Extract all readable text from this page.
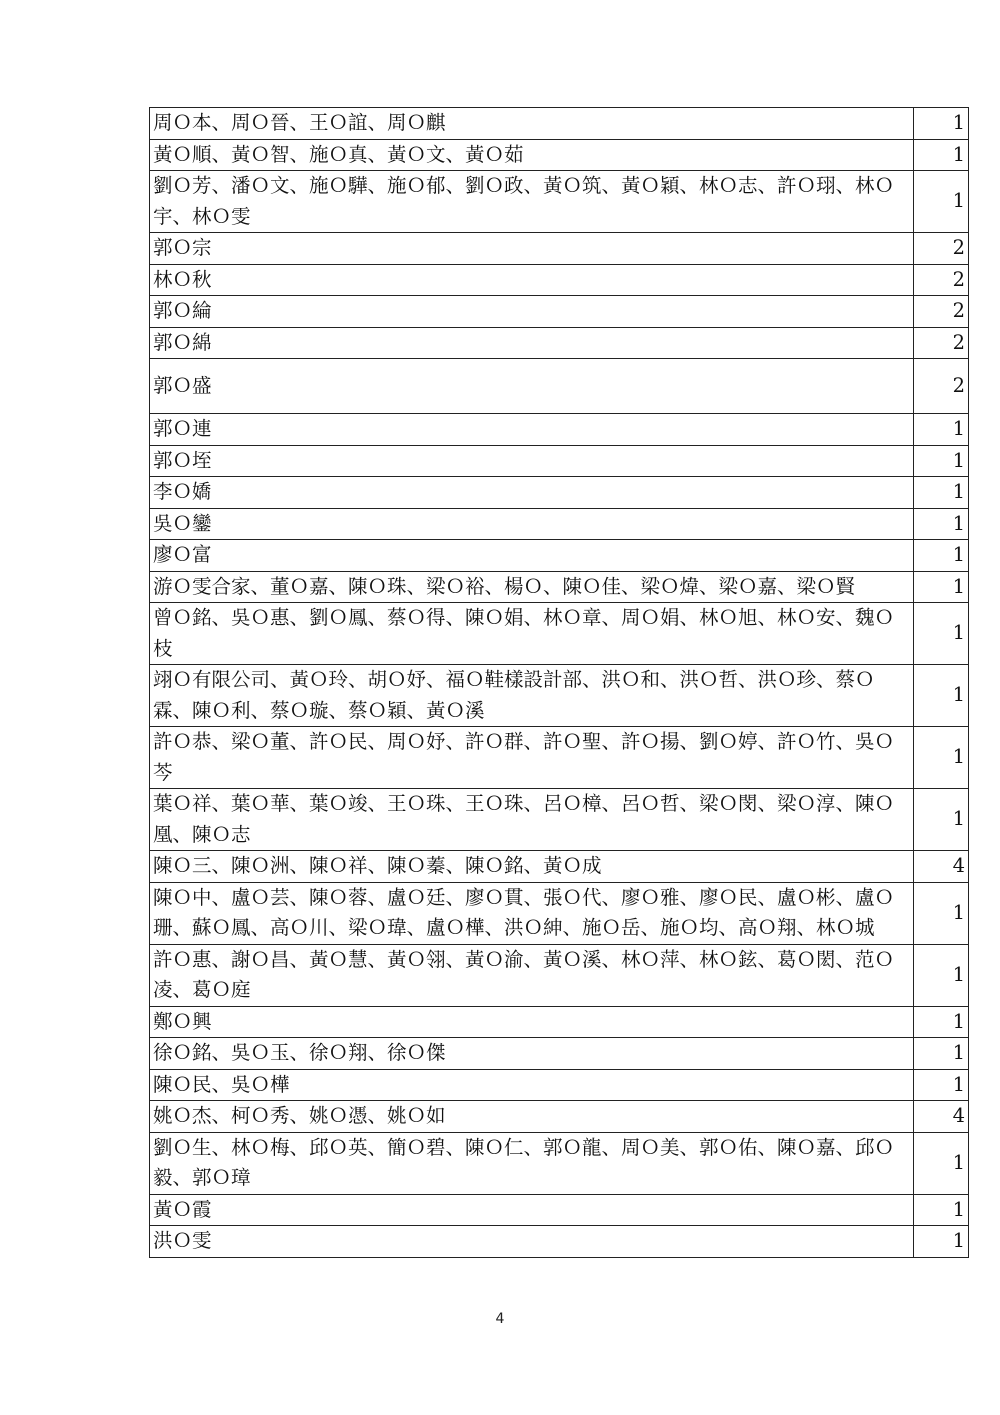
周Ｏ本、周Ｏ晉、王Ｏ誼、周Ｏ麒	1
黃Ｏ順、黃Ｏ智、施Ｏ真、黃Ｏ文、黃Ｏ茹	1
劉Ｏ芳、潘Ｏ文、施Ｏ驊、施Ｏ郁、劉Ｏ政、黃Ｏ筑、黃Ｏ穎、林Ｏ志、許Ｏ珝、林Ｏ宇、林Ｏ雯	1
郭Ｏ宗	2
林Ｏ秋	2
郭Ｏ綸	2
郭Ｏ綿	2
郭Ｏ盛	2
郭Ｏ連	1
郭Ｏ垤	1
李Ｏ嬌	1
吳Ｏ鑾	1
廖Ｏ富	1
游Ｏ雯合家、董Ｏ嘉、陳Ｏ珠、梁Ｏ裕、楊Ｏ、陳Ｏ佳、梁Ｏ煒、梁Ｏ嘉、梁Ｏ賢	1
曾Ｏ銘、吳Ｏ惠、劉Ｏ鳳、蔡Ｏ得、陳Ｏ娟、林Ｏ章、周Ｏ娟、林Ｏ旭、林Ｏ安、魏Ｏ枝	1
翊Ｏ有限公司、黃Ｏ玲、胡Ｏ妤、福Ｏ鞋樣設計部、洪Ｏ和、洪Ｏ哲、洪Ｏ珍、蔡Ｏ霖、陳Ｏ利、蔡Ｏ璇、蔡Ｏ穎、黃Ｏ溪	1
許Ｏ恭、梁Ｏ董、許Ｏ民、周Ｏ妤、許Ｏ群、許Ｏ聖、許Ｏ揚、劉Ｏ婷、許Ｏ竹、吳Ｏ芩	1
葉Ｏ祥、葉Ｏ華、葉Ｏ竣、王Ｏ珠、王Ｏ珠、呂Ｏ樟、呂Ｏ哲、梁Ｏ閔、梁Ｏ淳、陳Ｏ凰、陳Ｏ志	1
陳Ｏ三、陳Ｏ洲、陳Ｏ祥、陳Ｏ蓁、陳Ｏ銘、黃Ｏ成	4
陳Ｏ中、盧Ｏ芸、陳Ｏ蓉、盧Ｏ廷、廖Ｏ貫、張Ｏ代、廖Ｏ雅、廖Ｏ民、盧Ｏ彬、盧Ｏ珊、蘇Ｏ鳳、高Ｏ川、梁Ｏ瑋、盧Ｏ樺、洪Ｏ紳、施Ｏ岳、施Ｏ均、高Ｏ翔、林Ｏ城	1
許Ｏ惠、謝Ｏ昌、黃Ｏ慧、黃Ｏ翎、黃Ｏ渝、黃Ｏ溪、林Ｏ萍、林Ｏ鉉、葛Ｏ閎、范Ｏ凌、葛Ｏ庭	1
鄭Ｏ興	1
徐Ｏ銘、吳Ｏ玉、徐Ｏ翔、徐Ｏ傑	1
陳Ｏ民、吳Ｏ樺	1
姚Ｏ杰、柯Ｏ秀、姚Ｏ憑、姚Ｏ如	4
劉Ｏ生、林Ｏ梅、邱Ｏ英、簡Ｏ碧、陳Ｏ仁、郭Ｏ龍、周Ｏ美、郭Ｏ佑、陳Ｏ嘉、邱Ｏ毅、郭Ｏ璋	1
黃Ｏ霞	1
洪Ｏ雯	1
4
